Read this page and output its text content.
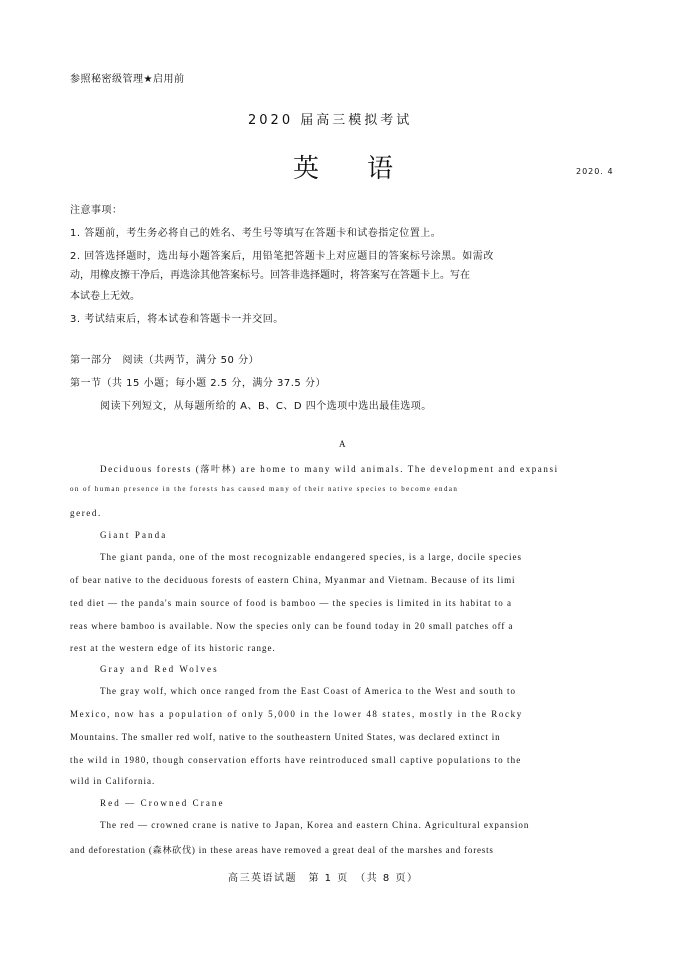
参照秘密级管理★启用前
2020 届高三模拟考试
英 语	2020. 4
注意事项：
1. 答题前，考生务必将自己的姓名、考生号等填写在答题卡和试卷指定位置上。
2. 回答选择题时，选出每小题答案后，用铅笔把答题卡上对应题目的答案标号涂黑。如需改
动，用橡皮擦干净后，再选涂其他答案标号。回答非选择题时，将答案写在答题卡上。写在
本试卷上无效。
3. 考试结束后，将本试卷和答题卡一并交回。
第一部分　阅读（共两节，满分 50 分）
第一节（共 15 小题；每小题 2.5 分，满分 37.5 分）
阅读下列短文，从每题所给的 A、B、C、D 四个选项中选出最佳选项。
A
Deciduous forests (落叶林) are home to many wild animals. The development and expansi
on of human presence in the forests has caused many of their native species to become endan
gered.
Giant Panda
The giant panda, one of the most recognizable endangered species, is a large, docile species
of bear native to the deciduous forests of eastern China, Myanmar and Vietnam. Because of its limi
ted diet — the panda's main source of food is bamboo — the species is limited in its habitat to a
reas where bamboo is available. Now the species only can be found today in 20 small patches off a
rest at the western edge of its historic range.
Gray and Red Wolves
The gray wolf, which once ranged from the East Coast of America to the West and south to
Mexico, now has a population of only 5,000 in the lower 48 states, mostly in the Rocky
Mountains. The smaller red wolf, native to the southeastern United States, was declared extinct in
the wild in 1980, though conservation efforts have reintroduced small captive populations to the
wild in California.
Red — Crowned Crane
The red — crowned crane is native to Japan, Korea and eastern China. Agricultural expansion
and deforestation (森林砍伐) in these areas have removed a great deal of the marshes and forests
高三英语试题　第 1 页　（共 8 页）
